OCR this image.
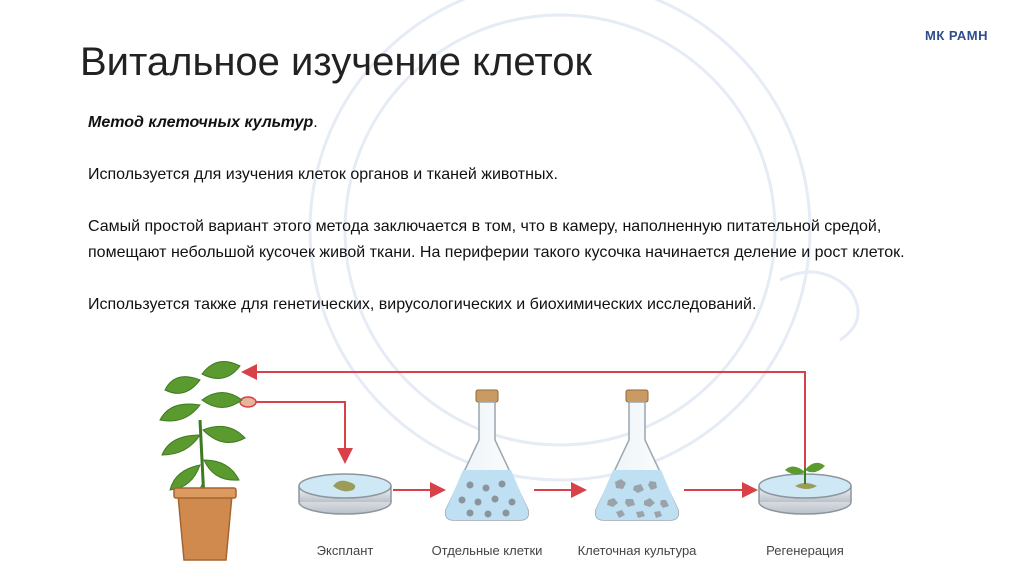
МК РАМН
Витальное изучение клеток

Метод клеточных культур.

Используется для изучения клеток органов и тканей животных.

Самый простой вариант этого метода заключается в том, что в камеру, наполненную питательной средой, помещают небольшой кусочек живой ткани. На периферии такого кусочка начинается деление и рост клеток.

Используется также для генетических, вирусологических и биохимических исследований.

Эксплант	Отдельные клетки	Клеточная культура	Регенерация
